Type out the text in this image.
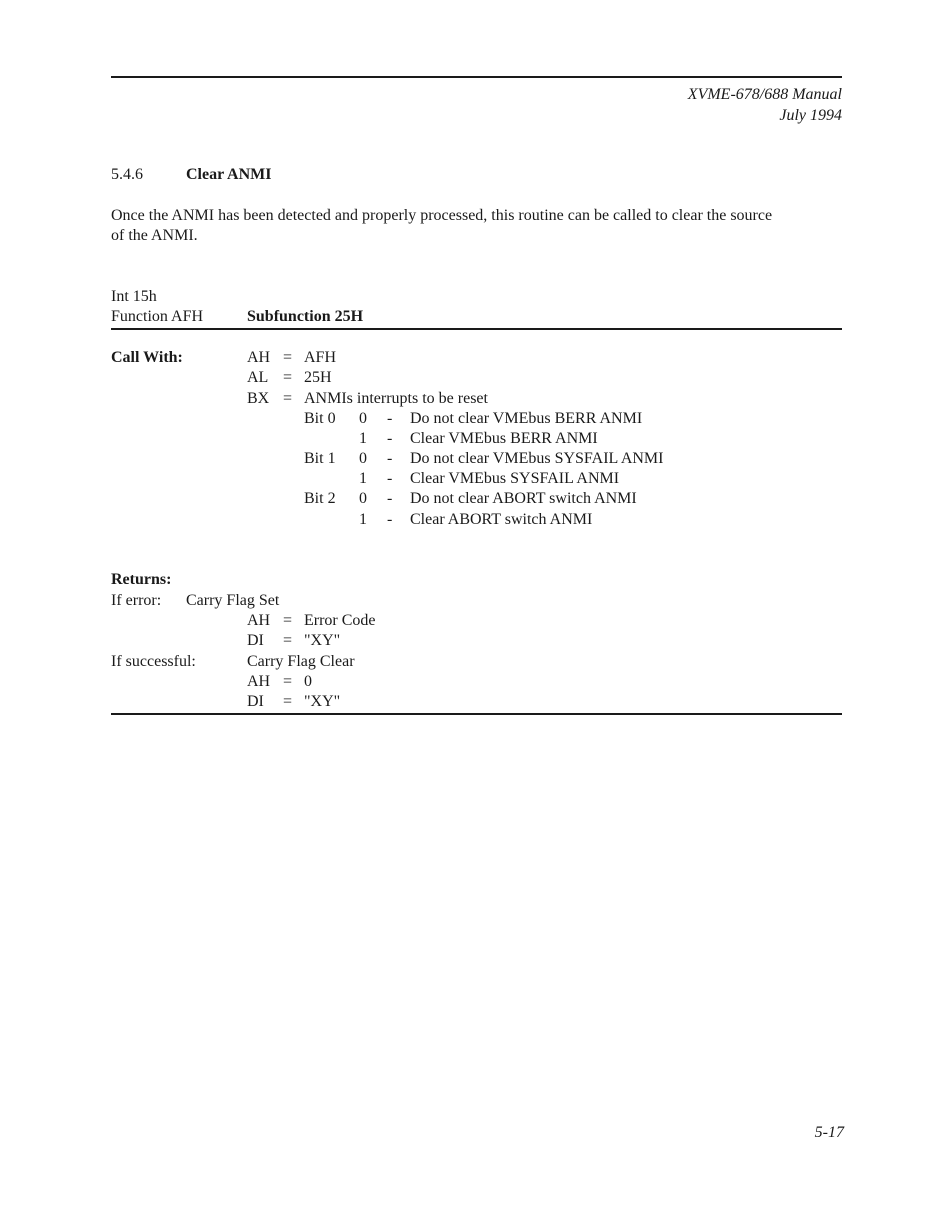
XVME-678/688 Manual
July 1994
5.4.6	Clear ANMI
Once the ANMI has been detected and properly processed, this routine can be called to clear the source
of the ANMI.
Int 15h
Function AFH	Subfunction 25H
Call With:	AH = AFH
AL = 25H
BX = ANMIs interrupts to be reset
Bit 0 0 - Do not clear VMEbus BERR ANMI
1 - Clear VMEbus BERR ANMI
Bit 1 0 - Do not clear VMEbus SYSFAIL ANMI
1 - Clear VMEbus SYSFAIL ANMI
Bit 2 0 - Do not clear ABORT switch ANMI
1 - Clear ABORT switch ANMI
Returns:
If error: Carry Flag Set
AH = Error Code
DI = "XY"
If successful:	Carry Flag Clear
AH = 0
DI = "XY"
5-17
